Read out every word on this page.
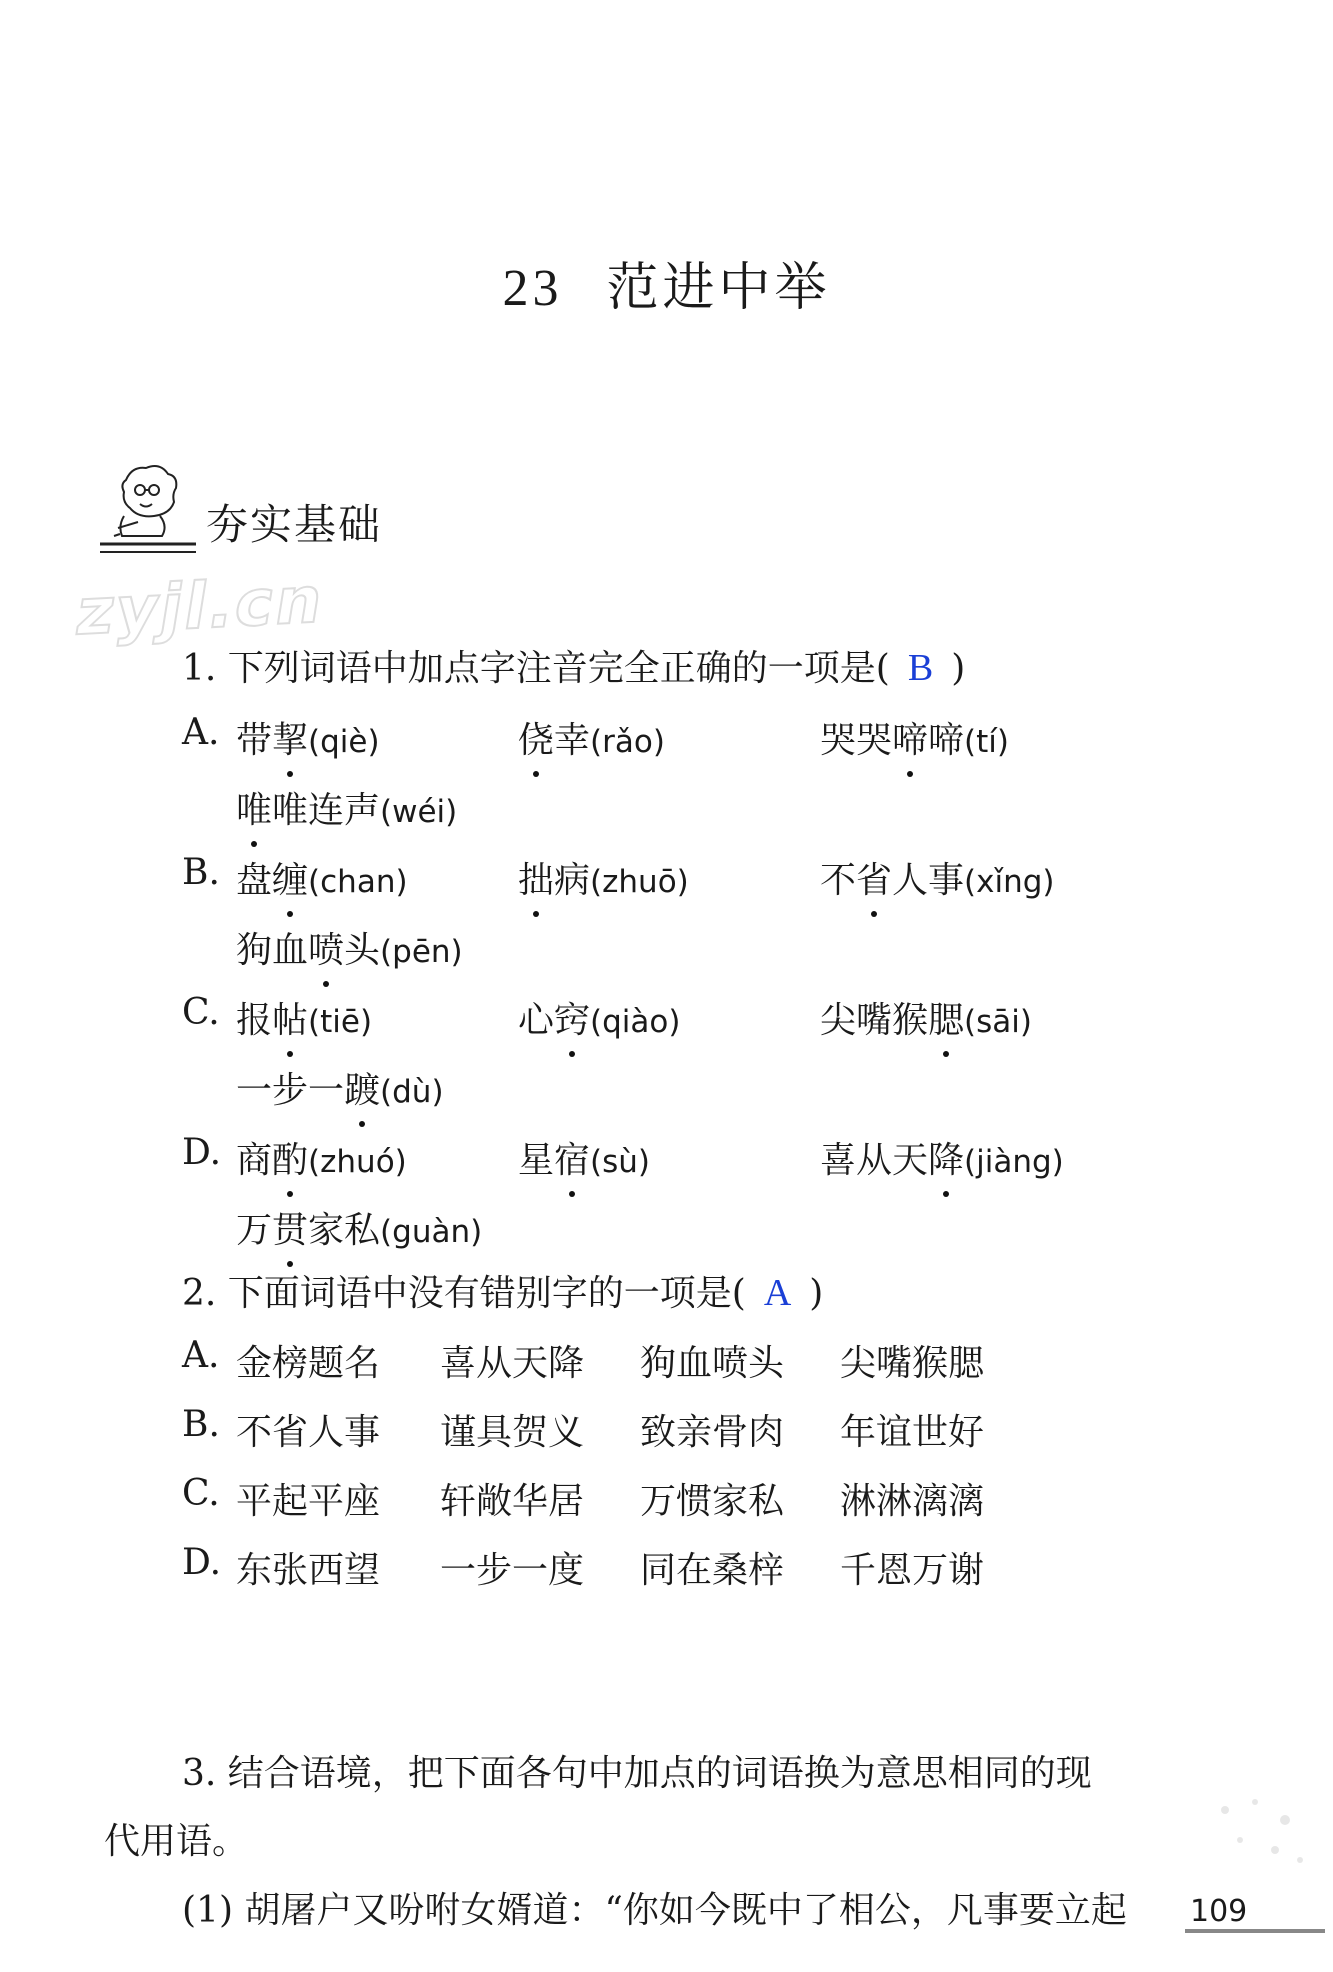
23 范进中举
夯实基础
zyjl.cn
1. 下列词语中加点字注音完全正确的一项是( B )
A. 带挈(qiè)	侥幸(rǎo)	哭哭啼啼(tí)
唯唯连声(wéi)
B. 盘缠(chan)	拙病(zhuō)	不省人事(xǐng)
狗血喷头(pēn)
C. 报帖(tiē)	心窍(qiào)	尖嘴猴腮(sāi)
一步一踱(dù)
D. 商酌(zhuó)	星宿(sù)	喜从天降(jiàng)
万贯家私(guàn)
2. 下面词语中没有错别字的一项是( A )
A. 金榜题名 喜从天降 狗血喷头 尖嘴猴腮
B. 不省人事 谨具贺义 致亲骨肉 年谊世好
C. 平起平座 轩敞华居 万惯家私 淋淋漓漓
D. 东张西望 一步一度 同在桑梓 千恩万谢
3. 结合语境，把下面各句中加点的词语换为意思相同的现
代用语。
(1) 胡屠户又吩咐女婿道：“你如今既中了相公，凡事要立起 109
